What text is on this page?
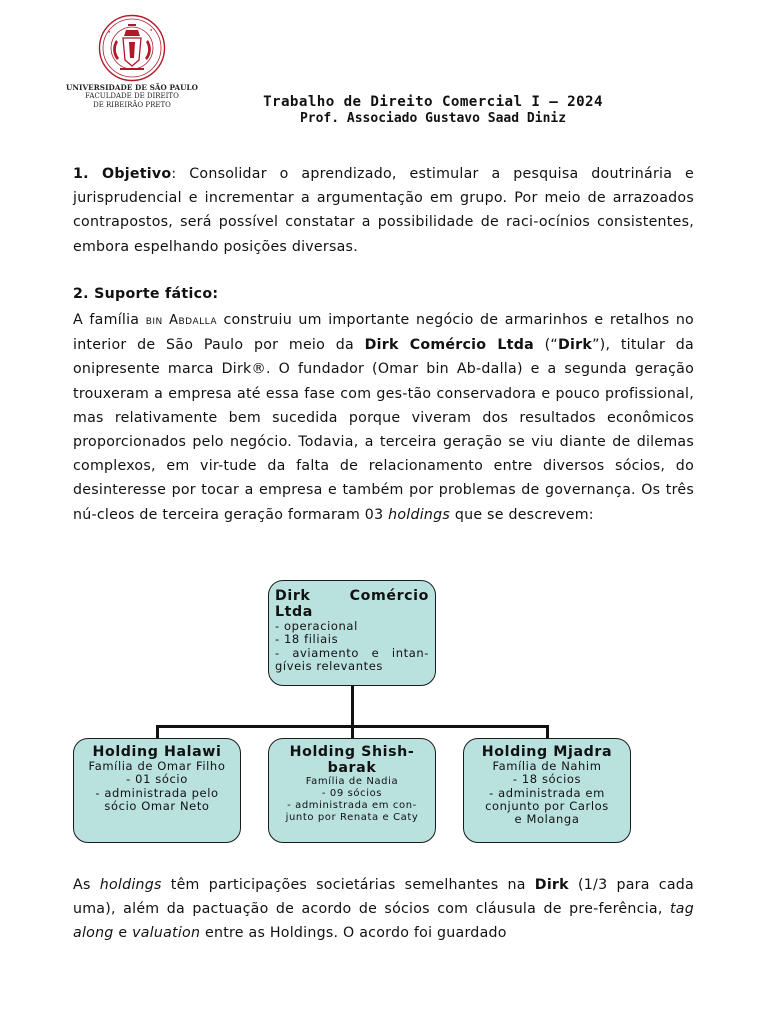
✦	✦
UNIVERSIDADE DE SÃO PAULO
FACULDADE DE DIREITO
DE RIBEIRÃO PRETO	Trabalho de Direito Comercial I – 2024
Prof. Associado Gustavo Saad Diniz
1. Objetivo: Consolidar o aprendizado, estimular a pesquisa doutrinária e jurisprudencial e incrementar a argumentação em grupo. Por meio de arrazoados contrapostos, será possível constatar a possibilidade de raci-ocínios consistentes, embora espelhando posições diversas.
2. Suporte fático:
A família bin Abdalla construiu um importante negócio de armarinhos e retalhos no interior de São Paulo por meio da Dirk Comércio Ltda (“Dirk”), titular da onipresente marca Dirk®. O fundador (Omar bin Ab-dalla) e a segunda geração trouxeram a empresa até essa fase com ges-tão conservadora e pouco profissional, mas relativamente bem sucedida porque viveram dos resultados econômicos proporcionados pelo negócio. Todavia, a terceira geração se viu diante de dilemas complexos, em vir-tude da falta de relacionamento entre diversos sócios, do desinteresse por tocar a empresa e também por problemas de governança. Os três nú-cleos de terceira geração formaram 03 holdings que se descrevem:
Dirk	Comércio
Ltda
- operacional
- 18 filiais
- aviamento e intan-
gíveis relevantes
Holding Halawi
Família de Omar Filho
- 01 sócio
- administrada pelo
sócio Omar Neto
Holding Shish-
barak
Família de Nadia
- 09 sócios
- administrada em con-
junto por Renata e Caty
Holding Mjadra
Família de Nahim
- 18 sócios
- administrada em
conjunto por Carlos
e Molanga
As holdings têm participações societárias semelhantes na Dirk (1/3 para cada uma), além da pactuação de acordo de sócios com cláusula de pre-ferência, tag along e valuation entre as Holdings. O acordo foi guardado
